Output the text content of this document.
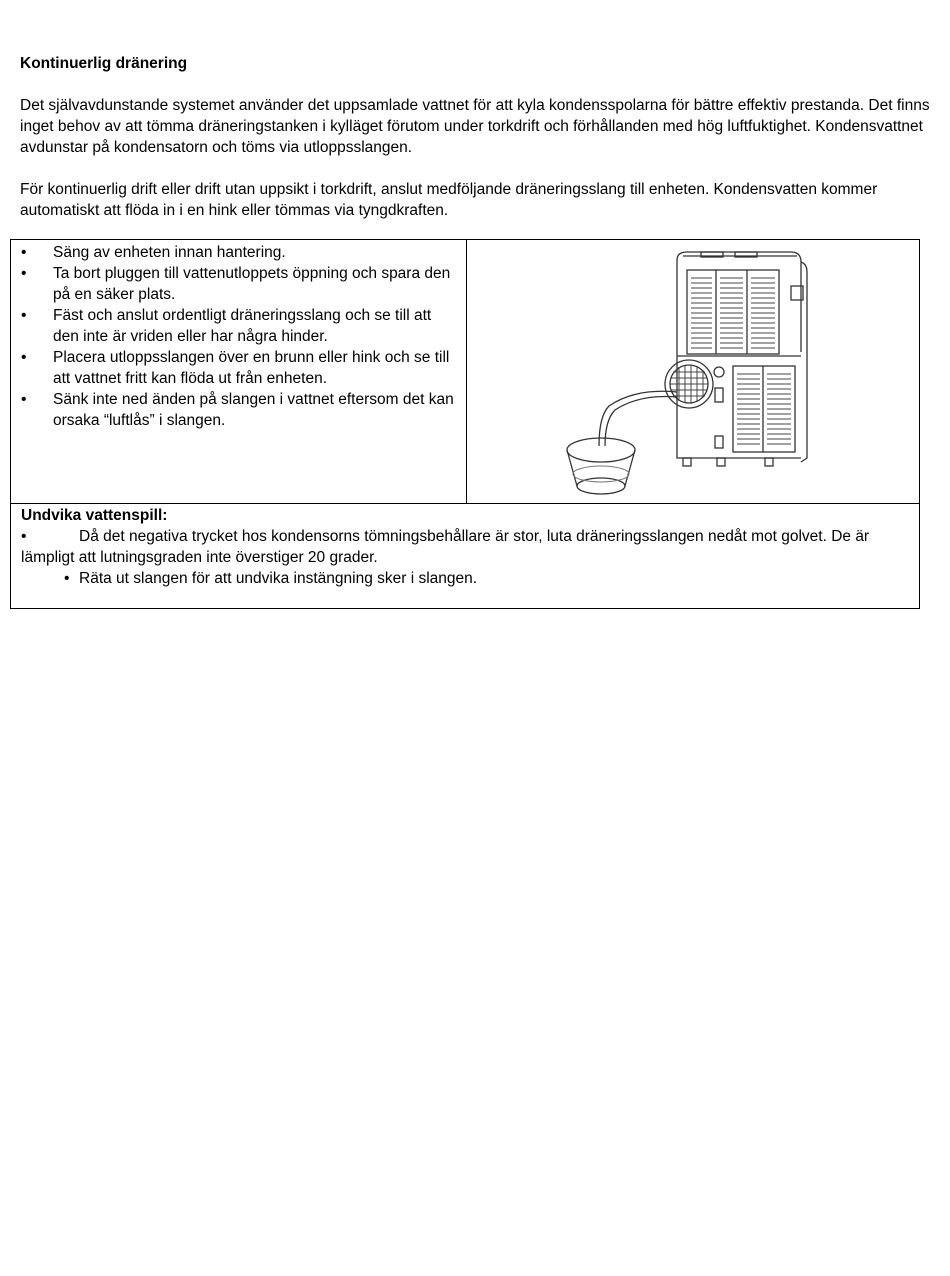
Kontinuerlig dränering

Det självavdunstande systemet använder det uppsamlade vattnet för att kyla kondensspolarna för bättre effektiv prestanda. Det finns inget behov av att tömma dräneringstanken i kylläget förutom under torkdrift och förhållanden med hög luftfuktighet. Kondensvattnet avdunstar på kondensatorn och töms via utloppsslangen.

För kontinuerlig drift eller drift utan uppsikt i torkdrift, anslut medföljande dräneringsslang till enheten. Kondensvatten kommer automatiskt att flöda in i en hink eller tömmas via tyngdkraften.

• Säng av enheten innan hantering.
• Ta bort pluggen till vattenutloppets öppning och spara den på en säker plats.
• Fäst och anslut ordentligt dräneringsslang och se till att den inte är vriden eller har några hinder.
• Placera utloppsslangen över en brunn eller hink och se till att vattnet fritt kan flöda ut från enheten.
• Sänk inte ned änden på slangen i vattnet eftersom det kan orsaka “luftlås” i slangen.

Undvika vattenspill:
•	Då det negativa trycket hos kondensorns tömningsbehållare är stor, luta dräneringsslangen nedåt mot golvet. De är lämpligt att lutningsgraden inte överstiger 20 grader.
• Räta ut slangen för att undvika instängning sker i slangen.
